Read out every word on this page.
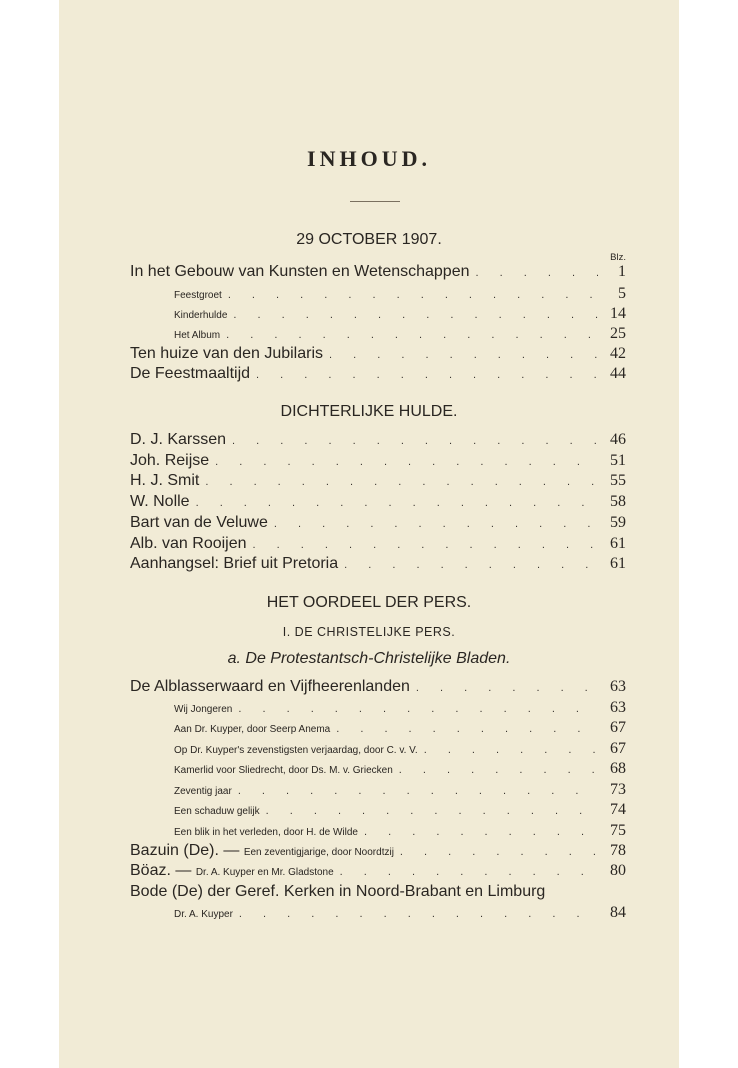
INHOUD.
29 OCTOBER 1907.
Blz.
In het Gebouw van Kunsten en Wetenschappen . . .	1
Feestgroet . . .	5
Kinderhulde . . .	14
Het Album . . .	25
Ten huize van den Jubilaris . . .	42
De Feestmaaltijd . . .	44
DICHTERLIJKE HULDE.
D. J. Karssen . . .	46
Joh. Reijse . . .	51
H. J. Smit . . .	55
W. Nolle . . .	58
Bart van de Veluwe . . .	59
Alb. van Rooijen . . .	61
Aanhangsel: Brief uit Pretoria . . .	61
HET OORDEEL DER PERS.
I. DE CHRISTELIJKE PERS.
a. De Protestantsch-Christelijke Bladen.
De Alblasserwaard en Vijfheerenlanden . . .	63
Wij Jongeren . . .	63
Aan Dr. Kuyper, door Seerp Anema . . .	67
Op Dr. Kuyper's zevenstigsten verjaardag, door C. v. V. . . .	67
Kamerlid voor Sliedrecht, door Ds. M. v. Griecken . . .	68
Zeventig jaar . . .	73
Een schaduw gelijk . . .	74
Een blik in het verleden, door H. de Wilde . . .	75
Bazuin (De). — Een zeventigjarige, door Noordtzij . . .	78
Böaz. — Dr. A. Kuyper en Mr. Gladstone . . .	80
Bode (De) der Geref. Kerken in Noord-Brabant en Limburg
Dr. A. Kuyper . . .	84
